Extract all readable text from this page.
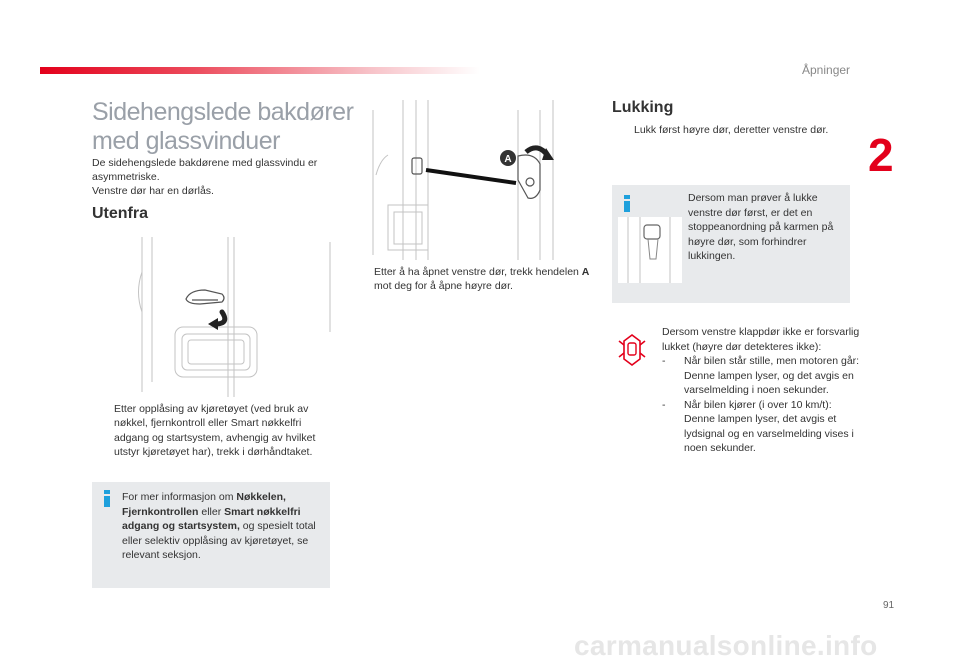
Åpninger
2
Sidehengslede bakdører
med glassvinduer
De sidehengslede bakdørene med glassvindu er asymmetriske.
Venstre dør har en dørlås.
Utenfra
Etter opplåsing av kjøretøyet (ved bruk av nøkkel, fjernkontroll eller Smart nøkkelfri adgang og startsystem, avhengig av hvilket utstyr kjøretøyet har), trekk i dørhåndtaket.
For mer informasjon om Nøkkelen, Fjernkontrollen eller Smart nøkkelfri adgang og startsystem, og spesielt total eller selektiv opplåsing av kjøretøyet, se relevant seksjon.
A
Etter å ha åpnet venstre dør, trekk hendelen A mot deg for å åpne høyre dør.
Lukking
Lukk først høyre dør, deretter venstre dør.
Dersom man prøver å lukke venstre dør først, er det en stoppeanordning på karmen på høyre dør, som forhindrer lukkingen.
Dersom venstre klappdør ikke er forsvarlig lukket (høyre dør detekteres ikke):
- Når bilen står stille, men motoren går: Denne lampen lyser, og det avgis en varselmelding i noen sekunder.
- Når bilen kjører (i over 10 km/t): Denne lampen lyser, det avgis et lydsignal og en varselmelding vises i noen sekunder.
91
carmanualsonline.info
